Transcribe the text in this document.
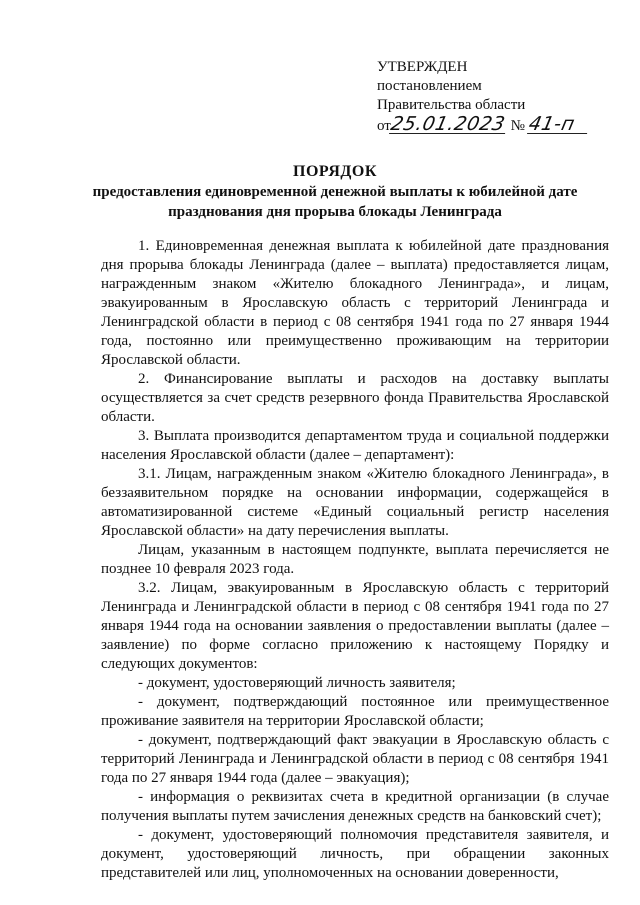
УТВЕРЖДЕН
постановлением
Правительства области
от25.01.2023 №41-п
ПОРЯДОК
предоставления единовременной денежной выплаты к юбилейной дате празднования дня прорыва блокады Ленинграда

1. Единовременная денежная выплата к юбилейной дате празднования дня прорыва блокады Ленинграда (далее – выплата) предоставляется лицам, награжденным знаком «Жителю блокадного Ленинграда», и лицам, эвакуированным в Ярославскую область с территорий Ленинграда и Ленинградской области в период с 08 сентября 1941 года по 27 января 1944 года, постоянно или преимущественно проживающим на территории Ярославской области.

2. Финансирование выплаты и расходов на доставку выплаты осуществляется за счет средств резервного фонда Правительства Ярославской области.

3. Выплата производится департаментом труда и социальной поддержки населения Ярославской области (далее – департамент):

3.1. Лицам, награжденным знаком «Жителю блокадного Ленинграда», в беззаявительном порядке на основании информации, содержащейся в автоматизированной системе «Единый социальный регистр населения Ярославской области» на дату перечисления выплаты.

Лицам, указанным в настоящем подпункте, выплата перечисляется не позднее 10 февраля 2023 года.

3.2. Лицам, эвакуированным в Ярославскую область с территорий Ленинграда и Ленинградской области в период с 08 сентября 1941 года по 27 января 1944 года на основании заявления о предоставлении выплаты (далее – заявление) по форме согласно приложению к настоящему Порядку и следующих документов:

- документ, удостоверяющий личность заявителя;

- документ, подтверждающий постоянное или преимущественное проживание заявителя на территории Ярославской области;

- документ, подтверждающий факт эвакуации в Ярославскую область с территорий Ленинграда и Ленинградской области в период с 08 сентября 1941 года по 27 января 1944 года (далее – эвакуация);

- информация о реквизитах счета в кредитной организации (в случае получения выплаты путем зачисления денежных средств на банковский счет);

- документ, удостоверяющий полномочия представителя заявителя, и документ, удостоверяющий личность, при обращении законных представителей или лиц, уполномоченных на основании доверенности,
